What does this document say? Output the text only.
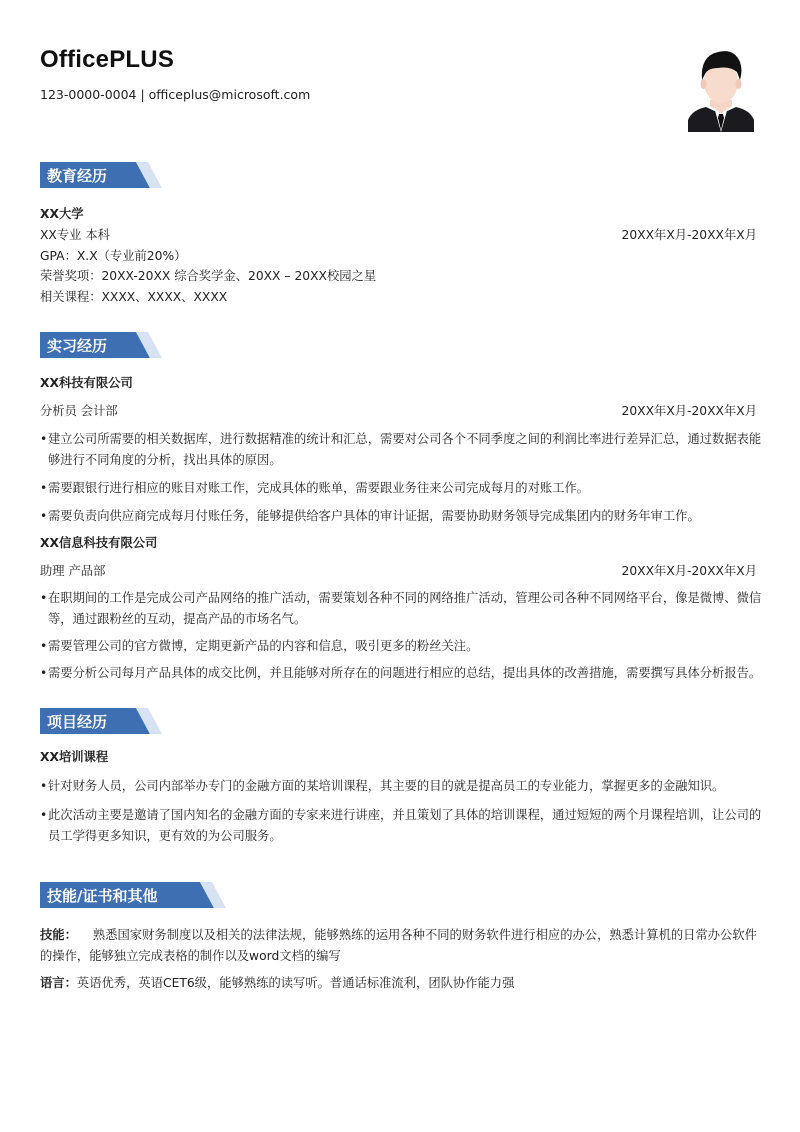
OfficePLUS
123-0000-0004 | officeplus@microsoft.com
教育经历
XX大学
XX专业 本科	20XX年X月-20XX年X月
GPA：X.X（专业前20%）
荣誉奖项：20XX-20XX 综合奖学金、20XX – 20XX校园之星
相关课程：XXXX、XXXX、XXXX
实习经历
XX科技有限公司
分析员 会计部	20XX年X月-20XX年X月
• 建立公司所需要的相关数据库，进行数据精准的统计和汇总，需要对公司各个不同季度之间的利润比率进行差异汇总，通过数据表能够进行不同角度的分析，找出具体的原因。
• 需要跟银行进行相应的账目对账工作，完成具体的账单，需要跟业务往来公司完成每月的对账工作。
• 需要负责向供应商完成每月付账任务，能够提供给客户具体的审计证据，需要协助财务领导完成集团内的财务年审工作。
XX信息科技有限公司
助理 产品部	20XX年X月-20XX年X月
• 在职期间的工作是完成公司产品网络的推广活动，需要策划各种不同的网络推广活动，管理公司各种不同网络平台，像是微博、微信等，通过跟粉丝的互动，提高产品的市场名气。
• 需要管理公司的官方微博，定期更新产品的内容和信息，吸引更多的粉丝关注。
• 需要分析公司每月产品具体的成交比例，并且能够对所存在的问题进行相应的总结，提出具体的改善措施，需要撰写具体分析报告。
项目经历
XX培训课程
• 针对财务人员，公司内部举办专门的金融方面的某培训课程，其主要的目的就是提高员工的专业能力，掌握更多的金融知识。
• 此次活动主要是邀请了国内知名的金融方面的专家来进行讲座，并且策划了具体的培训课程，通过短短的两个月课程培训，让公司的员工学得更多知识，更有效的为公司服务。
技能/证书和其他
技能： 熟悉国家财务制度以及相关的法律法规，能够熟练的运用各种不同的财务软件进行相应的办公，熟悉计算机的日常办公软件的操作，能够独立完成表格的制作以及word文档的编写
语言：英语优秀，英语CET6级，能够熟练的读写听。普通话标准流利，团队协作能力强
